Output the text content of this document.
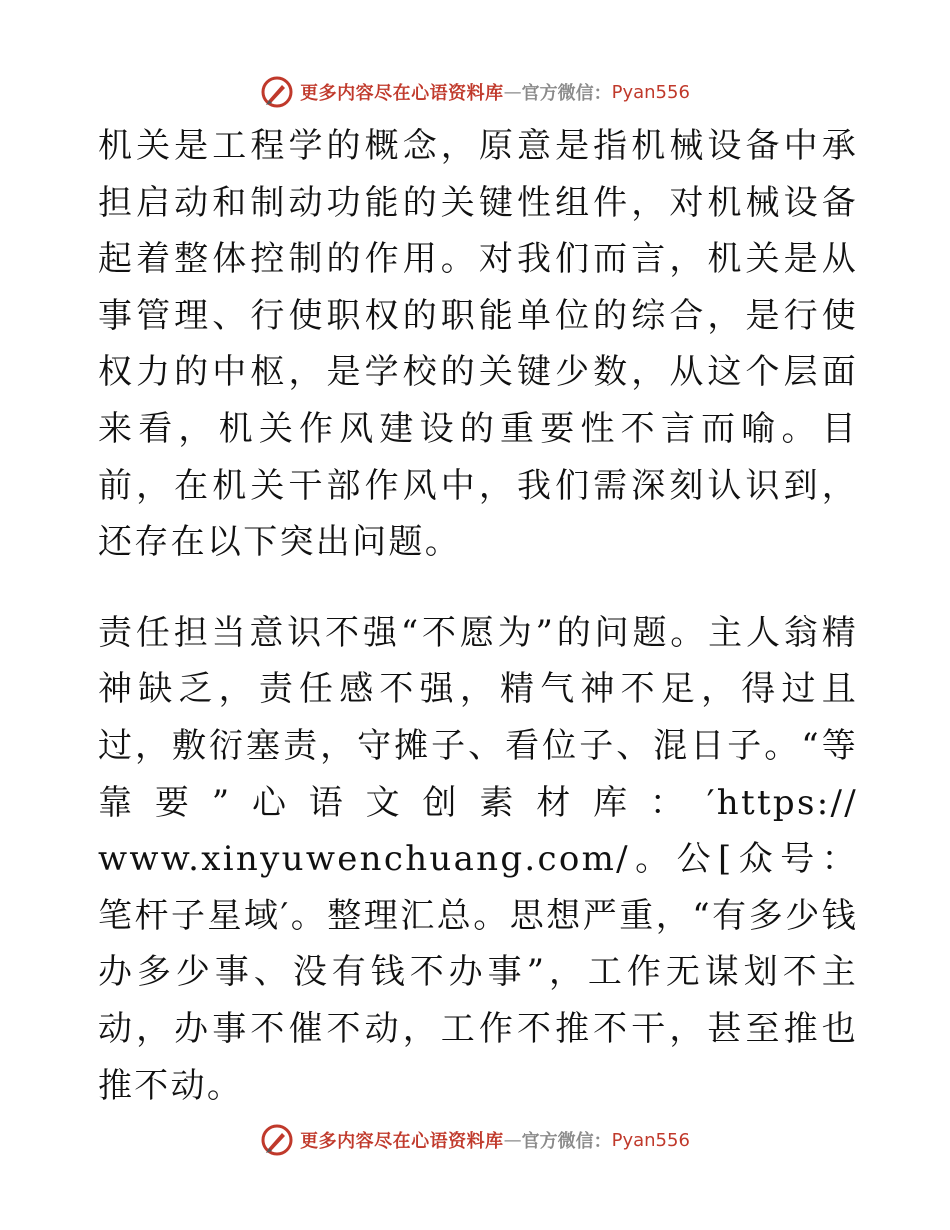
更多内容尽在心语资料库 — 官方微信： Pyan556

机关是工程学的概念，原意是指机械设备中承担启动和制动功能的关键性组件，对机械设备起着整体控制的作用。对我们而言，机关是从事管理、行使职权的职能单位的综合，是行使权力的中枢，是学校的关键少数，从这个层面来看，机关作风建设的重要性不言而喻。目前，在机关干部作风中，我们需深刻认识到，还存在以下突出问题。

责任担当意识不强“不愿为”的问题。主人翁精神缺乏，责任感不强，精气神不足，得过且过，敷衍塞责，守摊子、看位子、混日子。“等靠要”心语文创素材库：′https:// www.xinyuwenchuang.com/。公[众号：笔杆子星域′。整理汇总。思想严重，“有多少钱办多少事、没有钱不办事”，工作无谋划不主动，办事不催不动，工作不推不干，甚至推也推不动。

更多内容尽在心语资料库 — 官方微信： Pyan556
